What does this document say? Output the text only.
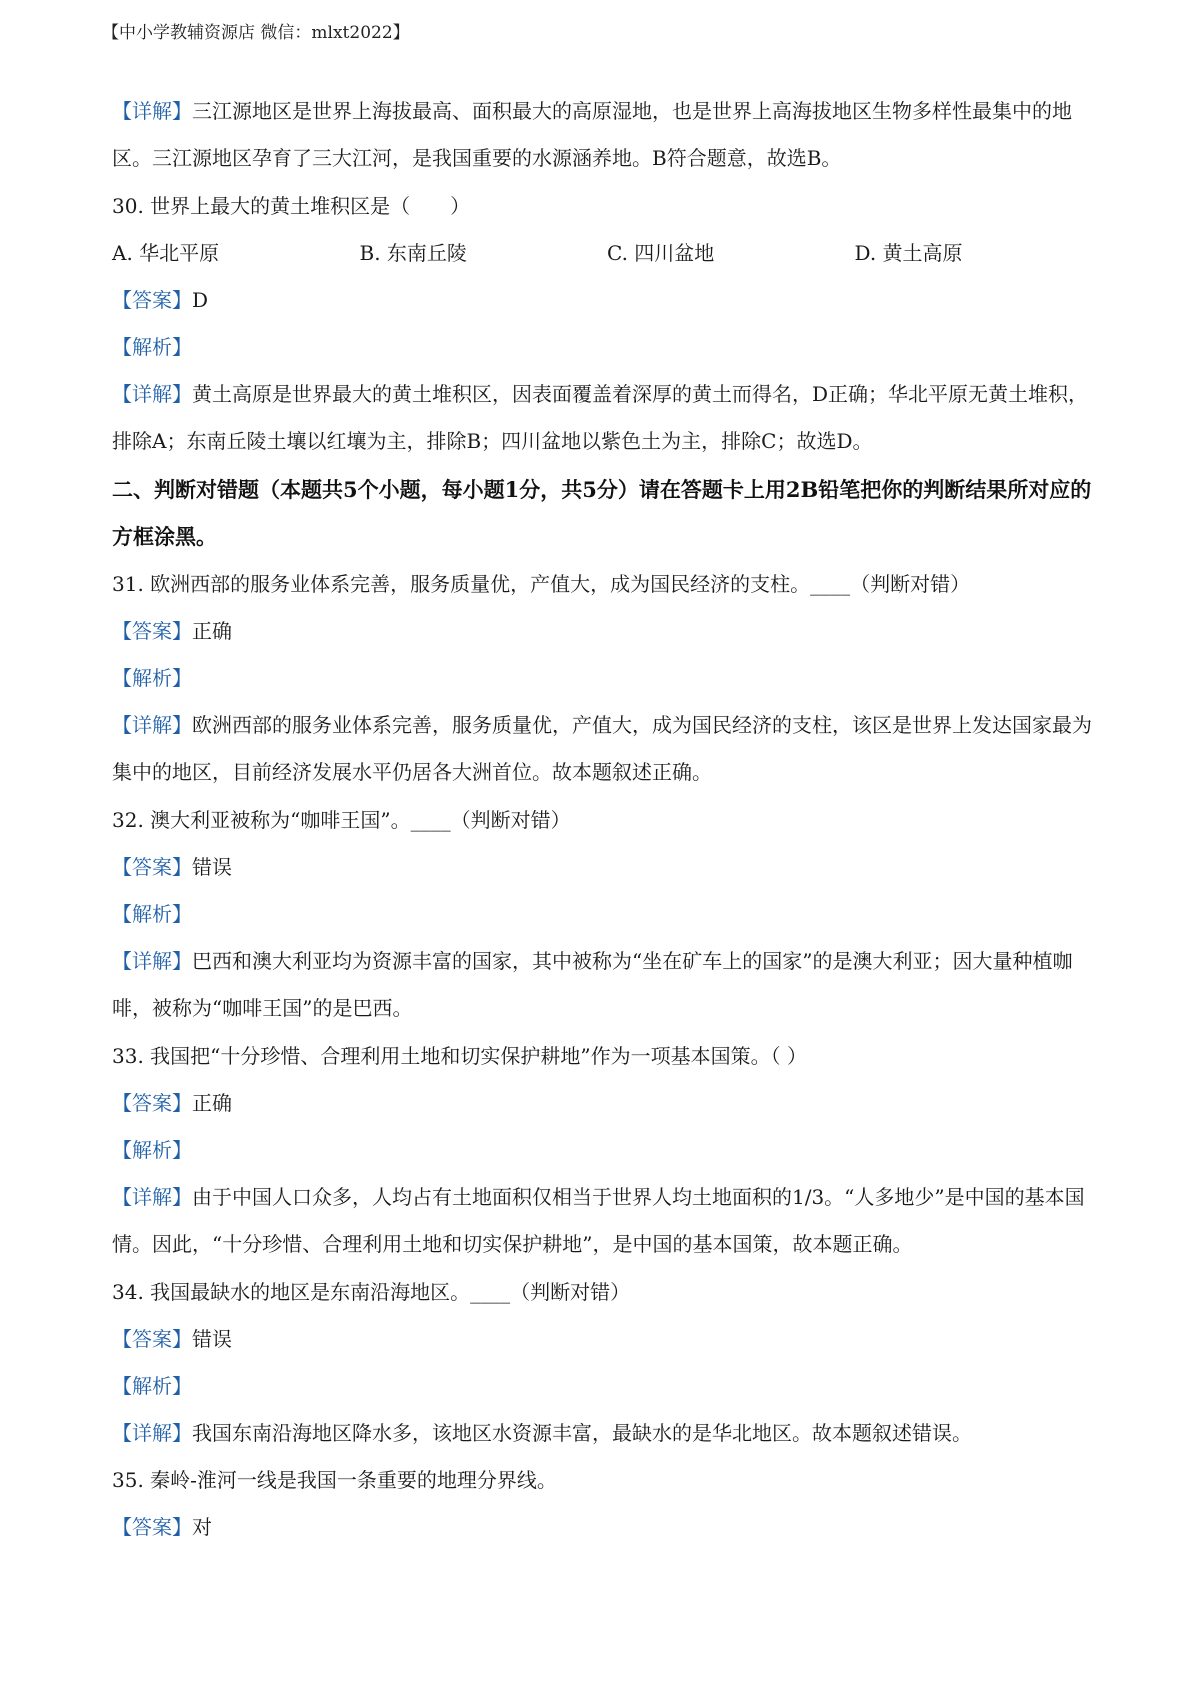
【中小学教辅资源店 微信：mlxt2022】
【详解】三江源地区是世界上海拔最高、面积最大的高原湿地，也是世界上高海拔地区生物多样性最集中的地区。三江源地区孕育了三大江河，是我国重要的水源涵养地。B符合题意，故选B。
30. 世界上最大的黄土堆积区是（　　）
A. 华北平原	B. 东南丘陵	C. 四川盆地	D. 黄土高原
【答案】D
【解析】
【详解】黄土高原是世界最大的黄土堆积区，因表面覆盖着深厚的黄土而得名，D正确；华北平原无黄土堆积，排除A；东南丘陵土壤以红壤为主，排除B；四川盆地以紫色土为主，排除C；故选D。
二、判断对错题（本题共5个小题，每小题1分，共5分）请在答题卡上用2B铅笔把你的判断结果所对应的方框涂黑。
31. 欧洲西部的服务业体系完善，服务质量优，产值大，成为国民经济的支柱。____（判断对错）
【答案】正确
【解析】
【详解】欧洲西部的服务业体系完善，服务质量优，产值大，成为国民经济的支柱，该区是世界上发达国家最为集中的地区，目前经济发展水平仍居各大洲首位。故本题叙述正确。
32. 澳大利亚被称为“咖啡王国”。____（判断对错）
【答案】错误
【解析】
【详解】巴西和澳大利亚均为资源丰富的国家，其中被称为“坐在矿车上的国家”的是澳大利亚；因大量种植咖啡，被称为“咖啡王国”的是巴西。
33. 我国把“十分珍惜、合理利用土地和切实保护耕地”作为一项基本国策。（ ）
【答案】正确
【解析】
【详解】由于中国人口众多，人均占有土地面积仅相当于世界人均土地面积的1/3。“人多地少”是中国的基本国情。因此，“十分珍惜、合理利用土地和切实保护耕地”，是中国的基本国策，故本题正确。
34. 我国最缺水的地区是东南沿海地区。____（判断对错）
【答案】错误
【解析】
【详解】我国东南沿海地区降水多，该地区水资源丰富，最缺水的是华北地区。故本题叙述错误。
35. 秦岭-淮河一线是我国一条重要的地理分界线。
【答案】对
